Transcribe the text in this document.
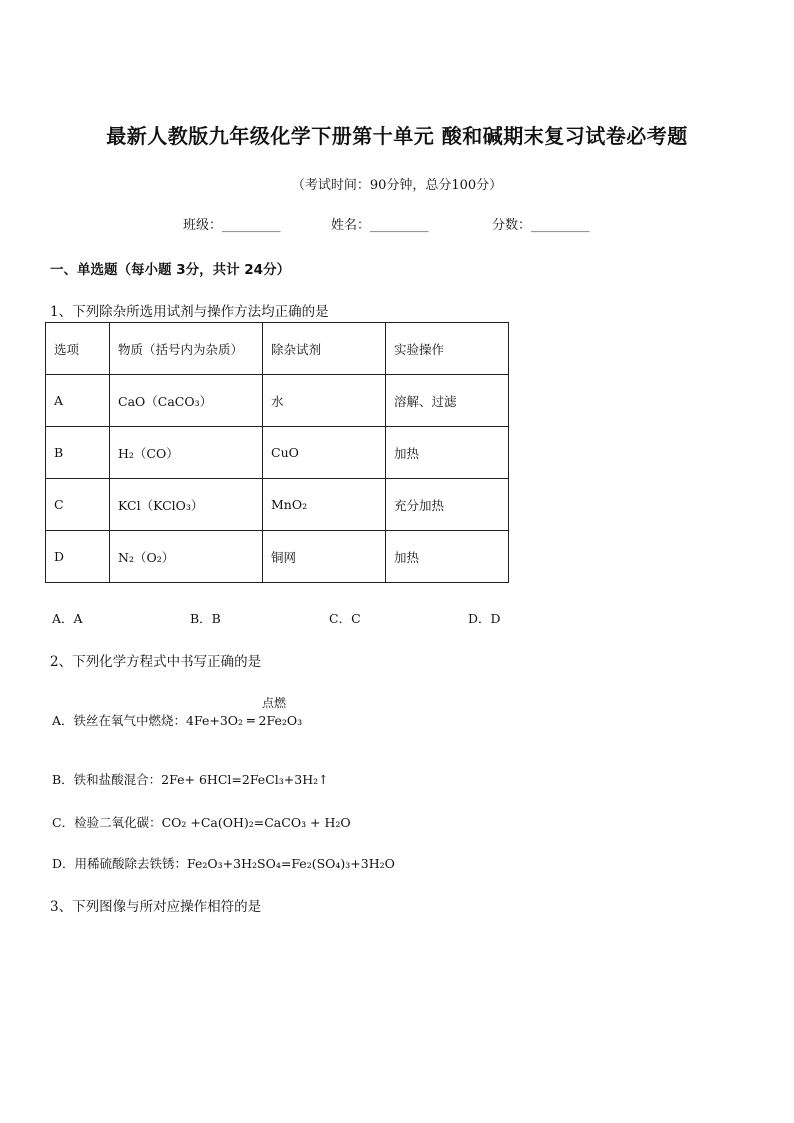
最新人教版九年级化学下册第十单元 酸和碱期末复习试卷必考题
（考试时间：90分钟，总分100分）
班级：_________	姓名：_________	分数：_________
一、单选题（每小题 3分，共计 24分）
1、下列除杂所选用试剂与操作方法均正确的是
选项	物质（括号内为杂质）	除杂试剂	实验操作
A	CaO（CaCO₃）	水	溶解、过滤
B	H₂（CO）	CuO	加热
C	KCl（KClO₃）	MnO₂	充分加热
D	N₂（O₂）	铜网	加热
A．A	B．B	C．C	D．D
2、下列化学方程式中书写正确的是
A．铁丝在氧气中燃烧：4Fe+3O₂ ═ 2Fe₂O₃
点燃
B．铁和盐酸混合：2Fe+ 6HCl=2FeCl₃+3H₂↑
C．检验二氧化碳：CO₂ +Ca(OH)₂=CaCO₃ + H₂O
D．用稀硫酸除去铁锈：Fe₂O₃+3H₂SO₄=Fe₂(SO₄)₃+3H₂O
3、下列图像与所对应操作相符的是
